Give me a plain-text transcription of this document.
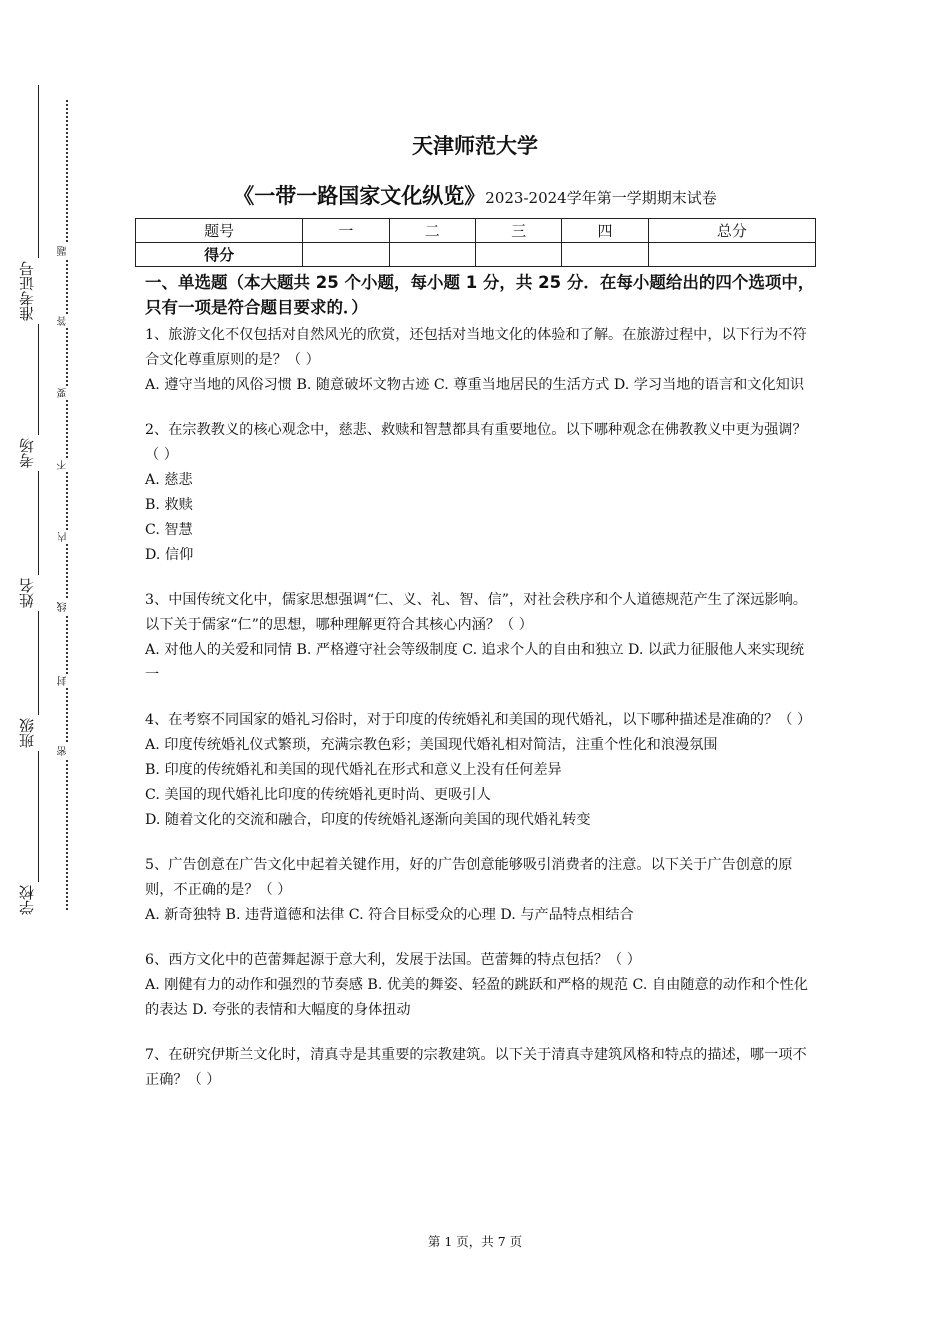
学校
班级
姓名
考场
准考证号
密
封
线
内
不
要
答
题
天津师范大学
《一带一路国家文化纵览》2023-2024学年第一学期期末试卷
题号	一	二	三	四	总分
得分					
一、单选题（本大题共 25 个小题，每小题 1 分，共 25 分．在每小题给出的四个选项中，只有一项是符合题目要求的．）
1、旅游文化不仅包括对自然风光的欣赏，还包括对当地文化的体验和了解。在旅游过程中，以下行为不符合文化尊重原则的是？（ ）
A. 遵守当地的风俗习惯 B. 随意破坏文物古迹 C. 尊重当地居民的生活方式 D. 学习当地的语言和文化知识
2、在宗教教义的核心观念中，慈悲、救赎和智慧都具有重要地位。以下哪种观念在佛教教义中更为强调？（ ）
A. 慈悲
B. 救赎
C. 智慧
D. 信仰
3、中国传统文化中，儒家思想强调“仁、义、礼、智、信”，对社会秩序和个人道德规范产生了深远影响。以下关于儒家“仁”的思想，哪种理解更符合其核心内涵？（ ）
A. 对他人的关爱和同情 B. 严格遵守社会等级制度 C. 追求个人的自由和独立 D. 以武力征服他人来实现统一
4、在考察不同国家的婚礼习俗时，对于印度的传统婚礼和美国的现代婚礼，以下哪种描述是准确的？（ ）
A. 印度传统婚礼仪式繁琐，充满宗教色彩；美国现代婚礼相对简洁，注重个性化和浪漫氛围
B. 印度的传统婚礼和美国的现代婚礼在形式和意义上没有任何差异
C. 美国的现代婚礼比印度的传统婚礼更时尚、更吸引人
D. 随着文化的交流和融合，印度的传统婚礼逐渐向美国的现代婚礼转变
5、广告创意在广告文化中起着关键作用，好的广告创意能够吸引消费者的注意。以下关于广告创意的原则，不正确的是？（ ）
A. 新奇独特 B. 违背道德和法律 C. 符合目标受众的心理 D. 与产品特点相结合
6、西方文化中的芭蕾舞起源于意大利，发展于法国。芭蕾舞的特点包括？（ ）
A. 刚健有力的动作和强烈的节奏感 B. 优美的舞姿、轻盈的跳跃和严格的规范 C. 自由随意的动作和个性化的表达 D. 夸张的表情和大幅度的身体扭动
7、在研究伊斯兰文化时，清真寺是其重要的宗教建筑。以下关于清真寺建筑风格和特点的描述，哪一项不正确？（ ）
第 1 页，共 7 页
